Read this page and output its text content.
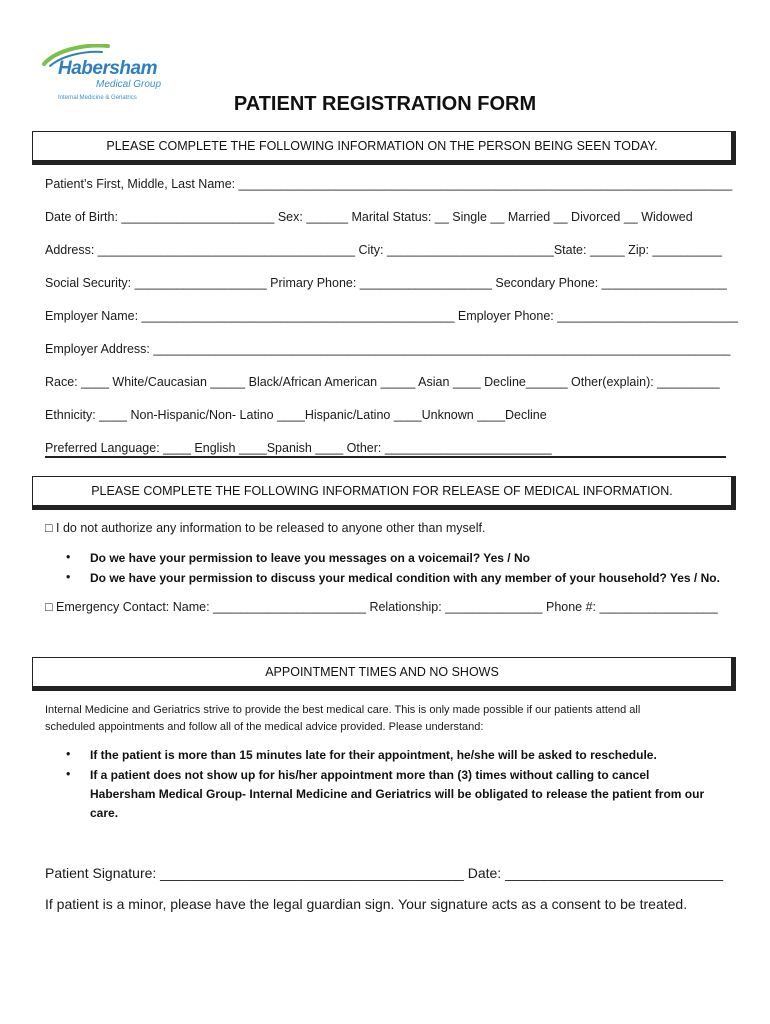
Habersham
Medical Group
Internal Medicine & Geriatrics	PATIENT REGISTRATION FORM
PLEASE COMPLETE THE FOLLOWING INFORMATION ON THE PERSON BEING SEEN TODAY.
Patient’s First, Middle, Last Name: _______________________________________________________________________
Date of Birth: ______________________ Sex: ______ Marital Status: __ Single __ Married __ Divorced __ Widowed
Address: _____________________________________ City: ________________________State: _____ Zip: __________
Social Security: ___________________ Primary Phone: ___________________ Secondary Phone: __________________
Employer Name: _____________________________________________ Employer Phone: __________________________
Employer Address: ___________________________________________________________________________________
Race: ____ White/Caucasian _____ Black/African American _____ Asian ____ Decline______ Other(explain): _________
Ethnicity: ____ Non-Hispanic/Non- Latino ____Hispanic/Latino ____Unknown ____Decline
Preferred Language: ____ English ____Spanish ____ Other: ________________________
PLEASE COMPLETE THE FOLLOWING INFORMATION FOR RELEASE OF MEDICAL INFORMATION.
□ I do not authorize any information to be released to anyone other than myself.
• Do we have your permission to leave you messages on a voicemail? Yes / No
• Do we have your permission to discuss your medical condition with any member of your household? Yes / No.
□ Emergency Contact: Name: ______________________ Relationship: ______________ Phone #: _________________
APPOINTMENT TIMES AND NO SHOWS
Internal Medicine and Geriatrics strive to provide the best medical care. This is only made possible if our patients attend all
scheduled appointments and follow all of the medical advice provided. Please understand:
• If the patient is more than 15 minutes late for their appointment, he/she will be asked to reschedule.
• If a patient does not show up for his/her appointment more than (3) times without calling to cancel
Habersham Medical Group- Internal Medicine and Geriatrics will be obligated to release the patient from our
care.
Patient Signature: _______________________________________ Date: ____________________________
If patient is a minor, please have the legal guardian sign. Your signature acts as a consent to be treated.
